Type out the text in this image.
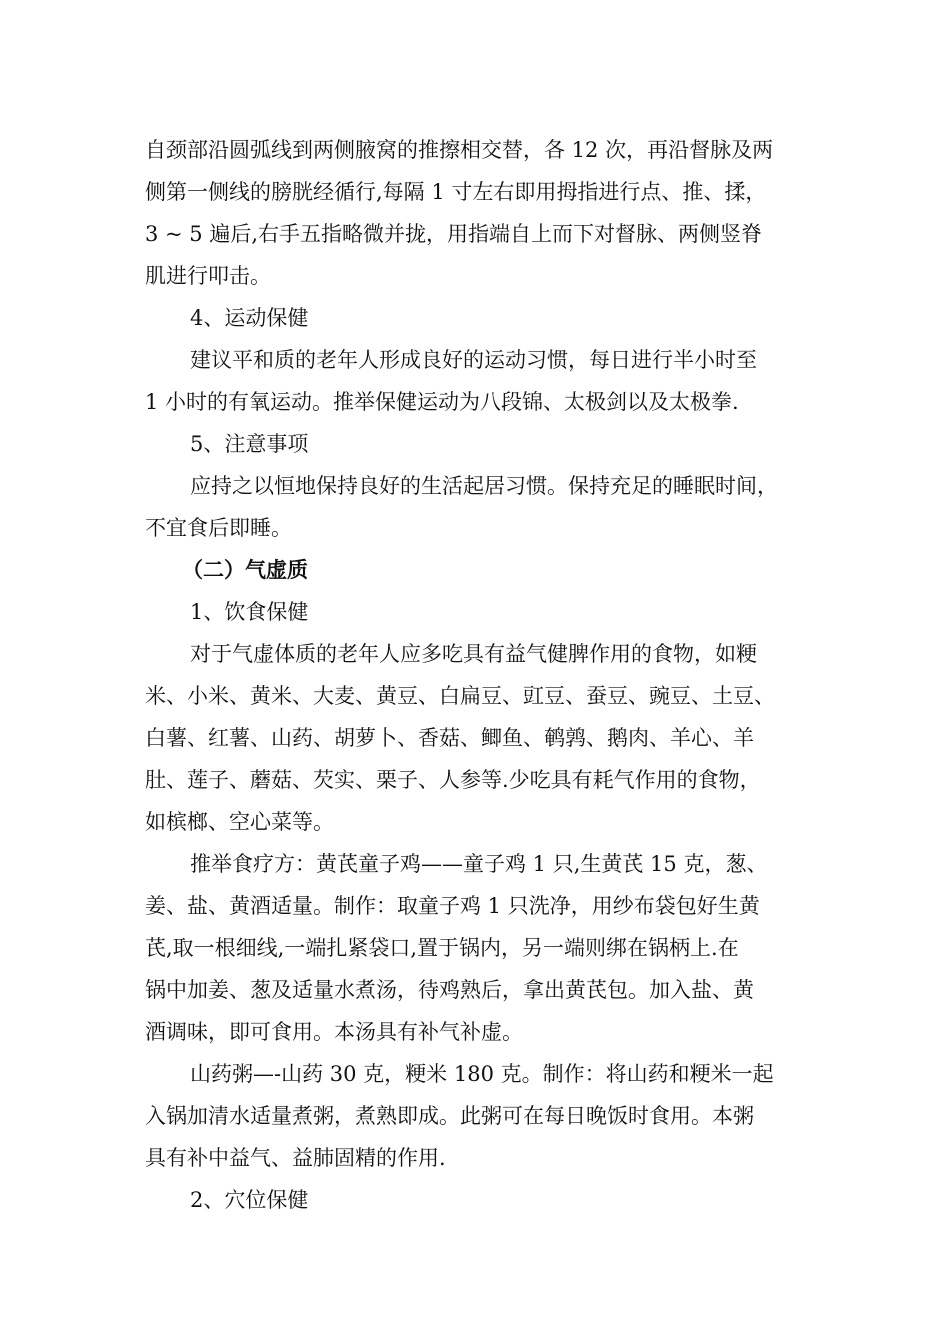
自颈部沿圆弧线到两侧腋窝的推擦相交替，各 12 次，再沿督脉及两
侧第一侧线的膀胱经循行,每隔 1 寸左右即用拇指进行点、推、揉，
3 ~ 5 遍后,右手五指略微并拢，用指端自上而下对督脉、两侧竖脊
肌进行叩击。
4、运动保健
建议平和质的老年人形成良好的运动习惯，每日进行半小时至
1 小时的有氧运动。推举保健运动为八段锦、太极剑以及太极拳.
5、注意事项
应持之以恒地保持良好的生活起居习惯。保持充足的睡眠时间，
不宜食后即睡。
（二）气虚质
1、饮食保健
对于气虚体质的老年人应多吃具有益气健脾作用的食物，如粳
米、小米、黄米、大麦、黄豆、白扁豆、豇豆、蚕豆、豌豆、土豆、
白薯、红薯、山药、胡萝卜、香菇、鲫鱼、鹌鹑、鹅肉、羊心、羊
肚、莲子、蘑菇、芡实、栗子、人参等.少吃具有耗气作用的食物，
如槟榔、空心菜等。
推举食疗方：黄芪童子鸡——童子鸡 1 只,生黄芪 15 克，葱、
姜、盐、黄酒适量。制作：取童子鸡 1 只洗净，用纱布袋包好生黄
芪,取一根细线,一端扎紧袋口,置于锅内，另一端则绑在锅柄上.在
锅中加姜、葱及适量水煮汤，待鸡熟后，拿出黄芪包。加入盐、黄
酒调味，即可食用。本汤具有补气补虚。
山药粥—-山药 30 克，粳米 180 克。制作：将山药和粳米一起
入锅加清水适量煮粥，煮熟即成。此粥可在每日晚饭时食用。本粥
具有补中益气、益肺固精的作用.
2、穴位保健
